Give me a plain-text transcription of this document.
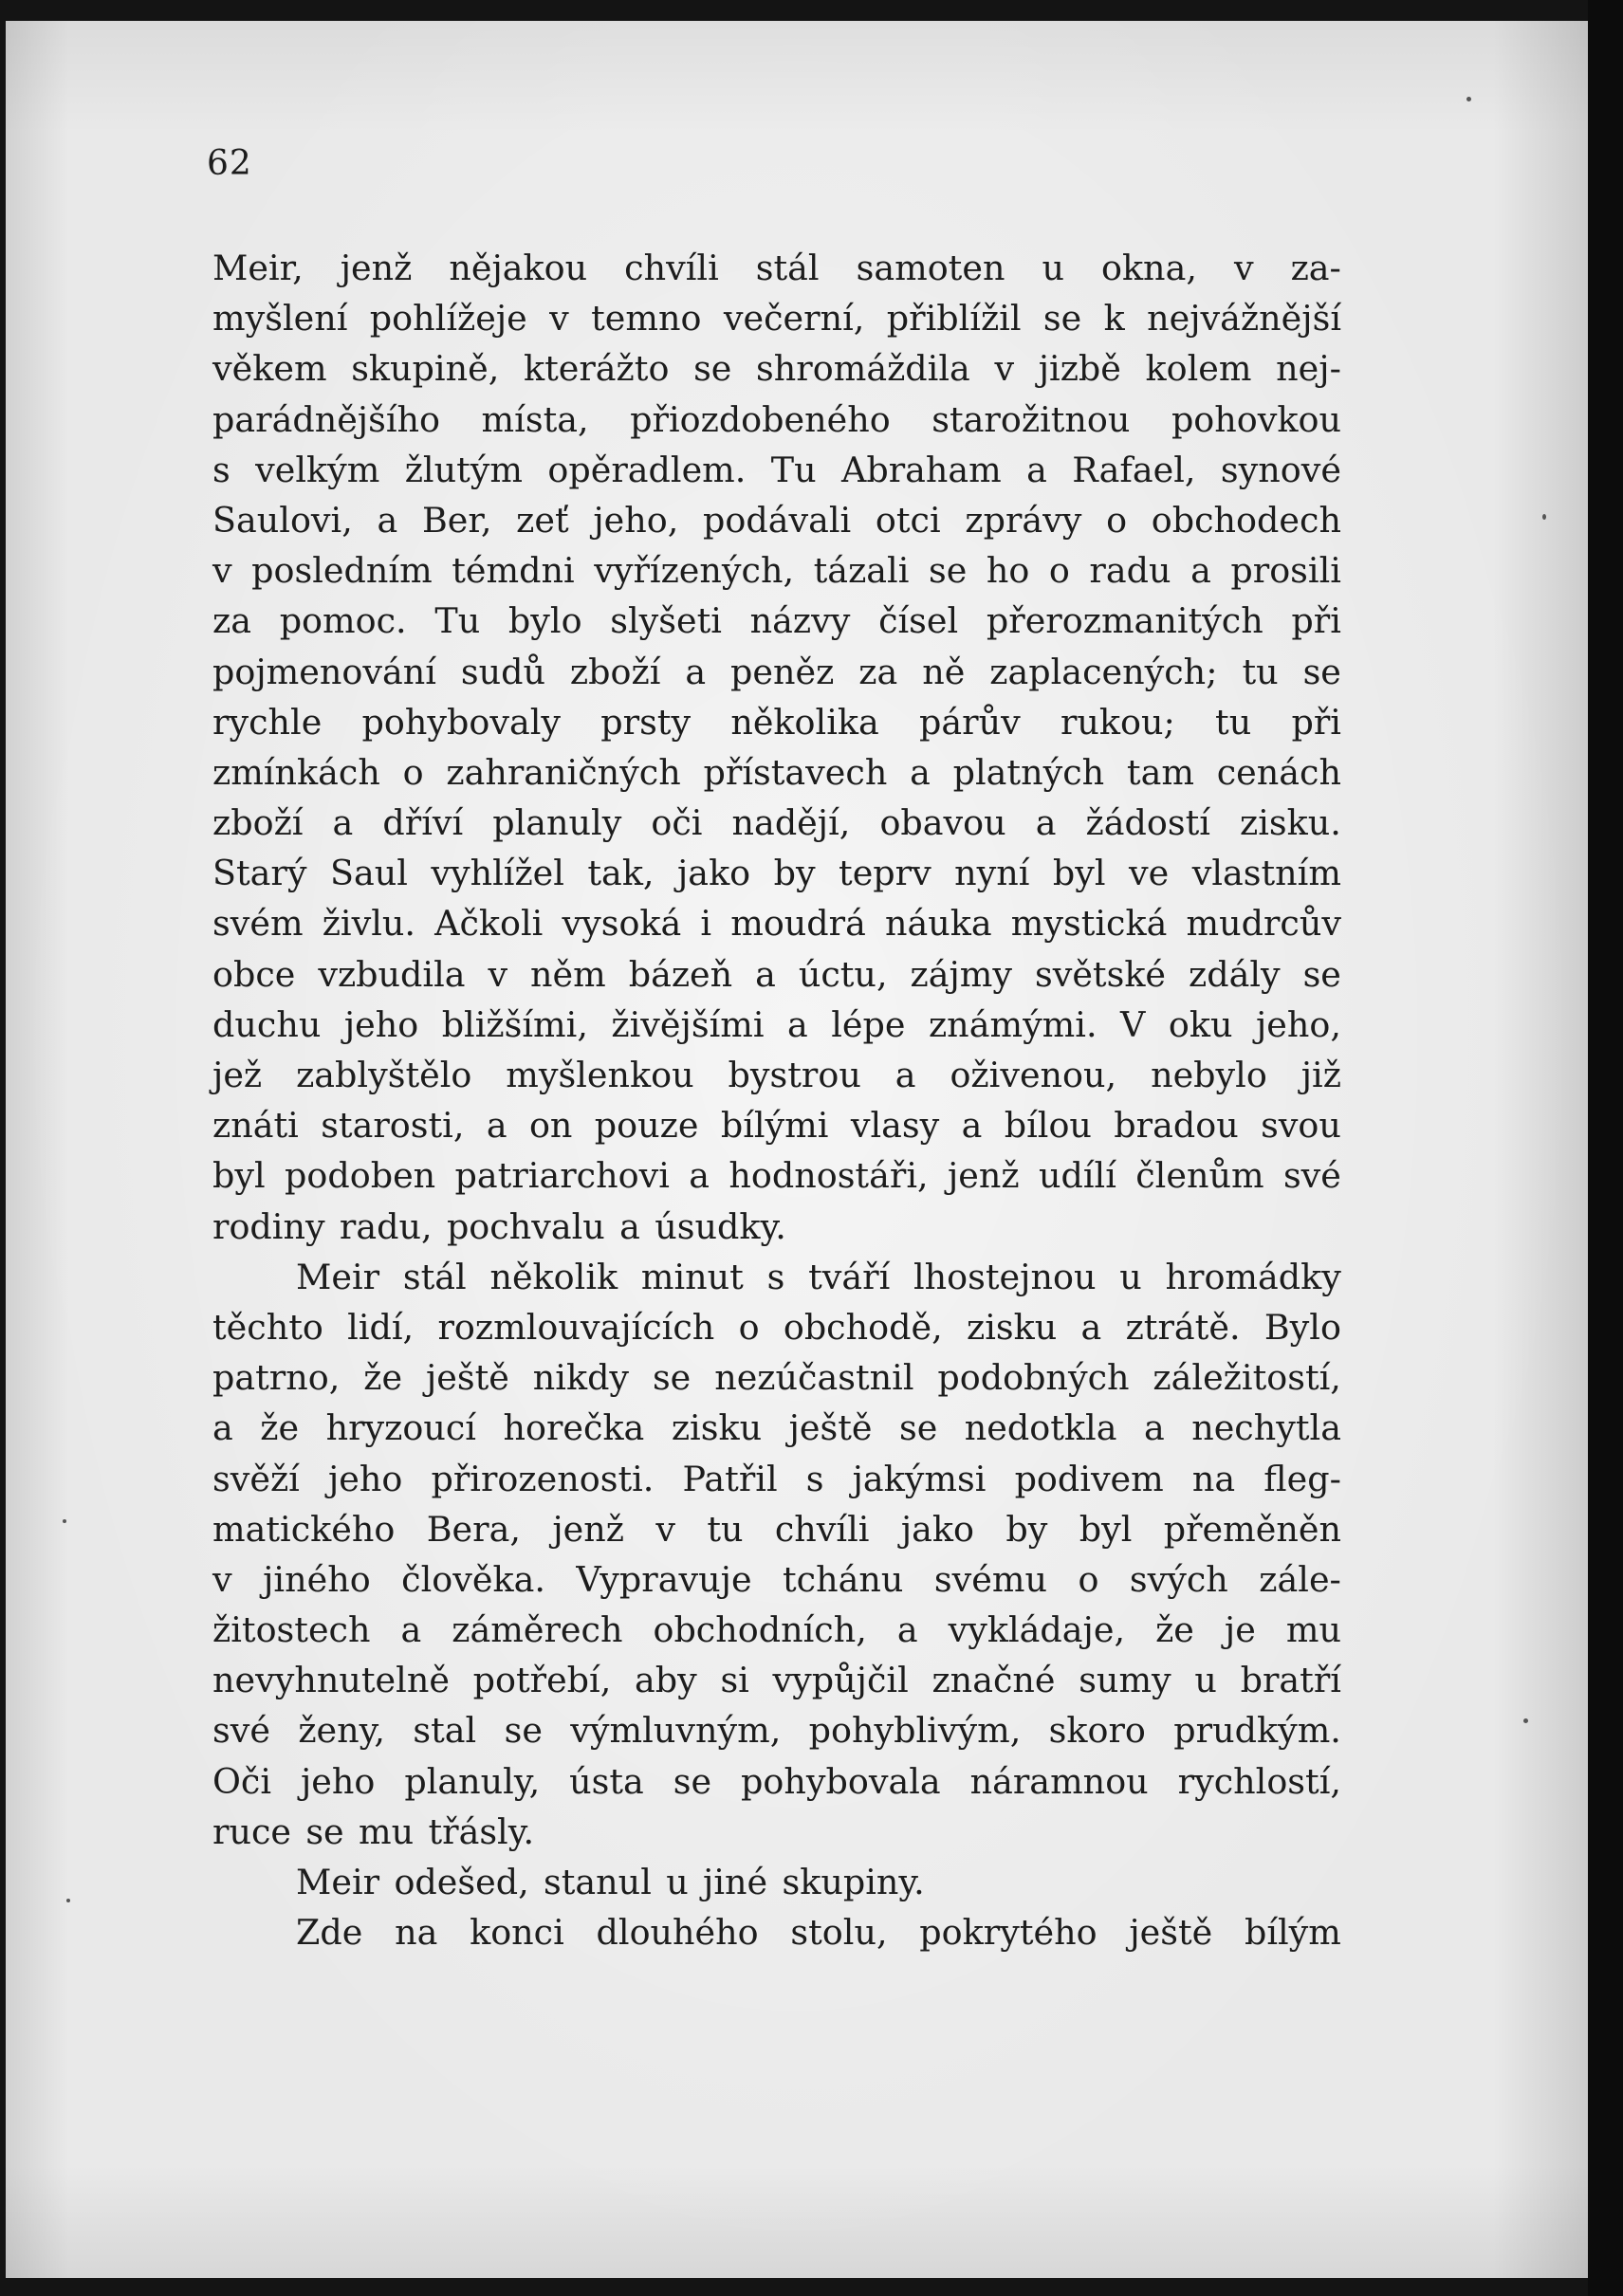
62
Meir, jenž nějakou chvíli stál samoten u okna, v za-
myšlení pohlížeje v temno večerní, přiblížil se k nejvážnější
věkem skupině, kterážto se shromáždila v jizbě kolem nej-
parádnějšího místa, přiozdobeného starožitnou pohovkou
s velkým žlutým opěradlem. Tu Abraham a Rafael, synové
Saulovi, a Ber, zeť jeho, podávali otci zprávy o obchodech
v posledním témdni vyřízených, tázali se ho o radu a prosili
za pomoc. Tu bylo slyšeti názvy čísel přerozmanitých při
pojmenování sudů zboží a peněz za ně zaplacených; tu se
rychle pohybovaly prsty několika párův rukou; tu při
zmínkách o zahraničných přístavech a platných tam cenách
zboží a dříví planuly oči nadějí, obavou a žádostí zisku.
Starý Saul vyhlížel tak, jako by teprv nyní byl ve vlastním
svém živlu. Ačkoli vysoká i moudrá náuka mystická mudrcův
obce vzbudila v něm bázeň a úctu, zájmy světské zdály se
duchu jeho bližšími, živějšími a lépe známými. V oku jeho,
jež zablyštělo myšlenkou bystrou a oživenou, nebylo již
znáti starosti, a on pouze bílými vlasy a bílou bradou svou
byl podoben patriarchovi a hodnostáři, jenž udílí členům své
rodiny radu, pochvalu a úsudky.
Meir stál několik minut s tváří lhostejnou u hromádky
těchto lidí, rozmlouvajících o obchodě, zisku a ztrátě. Bylo
patrno, že ještě nikdy se nezúčastnil podobných záležitostí,
a že hryzoucí horečka zisku ještě se nedotkla a nechytla
svěží jeho přirozenosti. Patřil s jakýmsi podivem na fleg-
matického Bera, jenž v tu chvíli jako by byl přeměněn
v jiného člověka. Vypravuje tchánu svému o svých zále-
žitostech a záměrech obchodních, a vykládaje, že je mu
nevyhnutelně potřebí, aby si vypůjčil značné sumy u bratří
své ženy, stal se výmluvným, pohyblivým, skoro prudkým.
Oči jeho planuly, ústa se pohybovala náramnou rychlostí,
ruce se mu třásly.
Meir odešed, stanul u jiné skupiny.
Zde na konci dlouhého stolu, pokrytého ještě bílým
